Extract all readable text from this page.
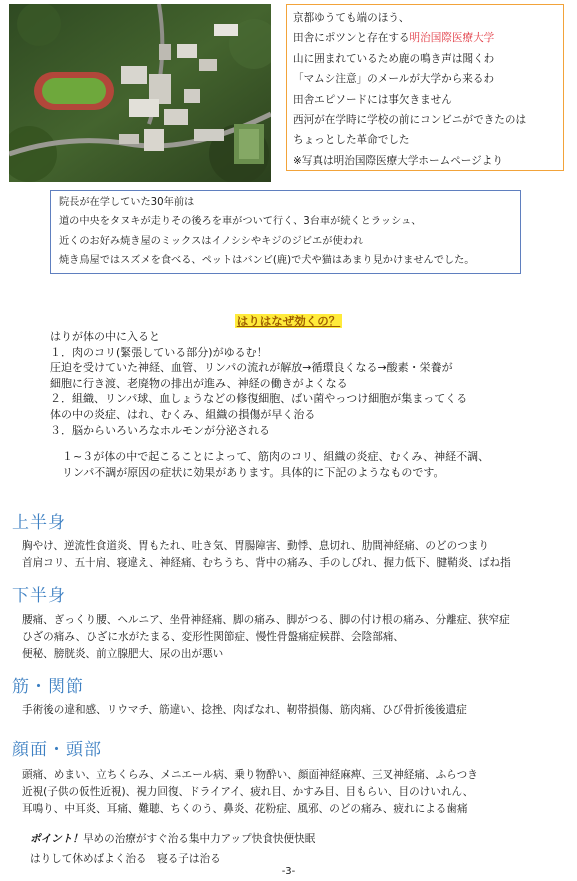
京都ゆうても端のほう、
田舎にポツンと存在する明治国際医療大学
山に囲まれているため鹿の鳴き声は聞くわ
「マムシ注意」のメールが大学から来るわ
田舎エピソードには事欠きません
西河が在学時に学校の前にコンビニができたのは
ちょっとした革命でした
※写真は明治国際医療大学ホームページより
院長が在学していた30年前は
道の中央をタヌキが走りその後ろを車がついて行く、3台車が続くとラッシュ、
近くのお好み焼き屋のミックスはイノシシやキジのジビエが使われ
焼き鳥屋ではスズメを食べる、ペットはバンビ(鹿)で犬や猫はあまり見かけませんでした。
はりはなぜ効くの？
はりが体の中に入ると
１．肉のコリ(緊張している部分)がゆるむ！
圧迫を受けていた神経、血管、リンパの流れが解放→循環良くなる→酸素・栄養が
細胞に行き渡、老廃物の排出が進み、神経の働きがよくなる
２．組織、リンパ球、血しょうなどの修復細胞、ばい菌やっつけ細胞が集まってくる
体の中の炎症、はれ、むくみ、組織の損傷が早く治る
３．脳からいろいろなホルモンが分泌される
１~３が体の中で起こることによって、筋肉のコリ、組織の炎症、むくみ、神経不調、
リンパ不調が原因の症状に効果があります。具体的に下記のようなものです。
上半身
胸やけ、逆流性食道炎、胃もたれ、吐き気、胃腸障害、動悸、息切れ、肋間神経痛、のどのつまり
首肩コリ、五十肩、寝違え、神経痛、むちうち、背中の痛み、手のしびれ、握力低下、腱鞘炎、ばね指
下半身
腰痛、ぎっくり腰、ヘルニア、坐骨神経痛、脚の痛み、脚がつる、脚の付け根の痛み、分離症、狭窄症
ひざの痛み、ひざに水がたまる、変形性関節症、慢性骨盤痛症候群、会陰部痛、
便秘、膀胱炎、前立腺肥大、尿の出が悪い
筋・関節
手術後の違和感、リウマチ、筋違い、捻挫、肉ばなれ、靭帯損傷、筋肉痛、ひび骨折後後遺症
顔面・頭部
頭痛、めまい、立ちくらみ、メニエール病、乗り物酔い、顔面神経麻痺、三叉神経痛、ふらつき
近視(子供の仮性近視)、視力回復、ドライアイ、疲れ目、かすみ目、目もらい、目のけいれん、
耳鳴り、中耳炎、耳痛、難聴、ちくのう、鼻炎、花粉症、風邪、のどの痛み、疲れによる歯痛
ポイント！早めの治療がすぐ治る集中力アップ快食快便快眠
はりして休めばよく治る　寝る子は治る
-3-
